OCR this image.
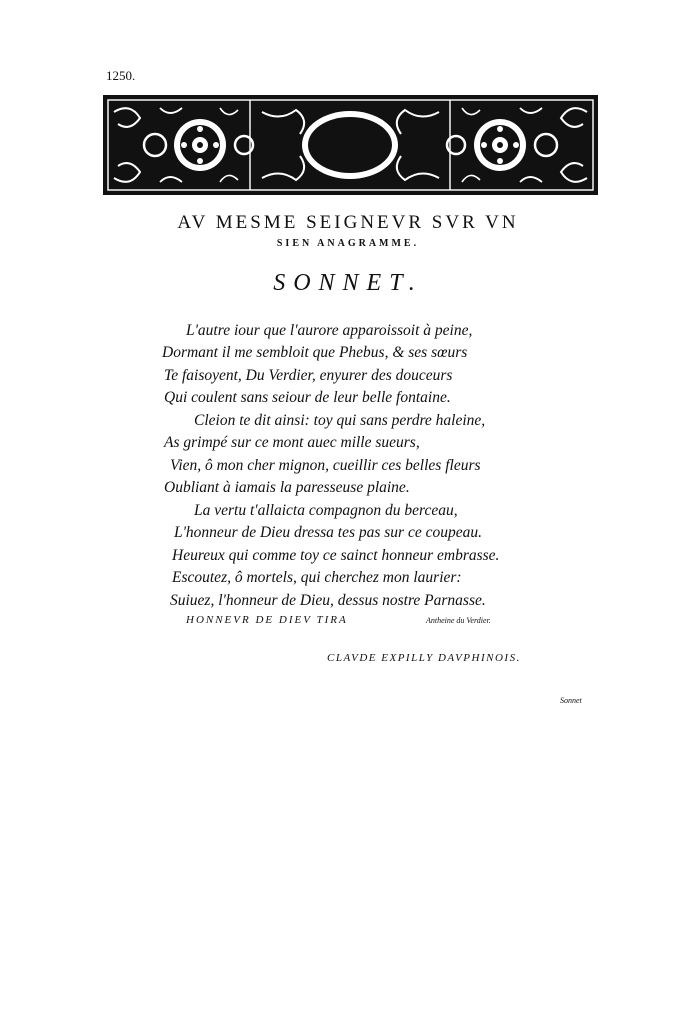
1250.
AV MESME SEIGNEVR SVR VN
SIEN ANAGRAMME.
SONNET.
L'autre iour que l'aurore apparoissoit à peine,
Dormant il me sembloit que Phebus, & ses sœurs
Te faisoyent, Du Verdier, enyurer des douceurs
Qui coulent sans seiour de leur belle fontaine.
Cleion te dit ainsi: toy qui sans perdre haleine,
As grimpé sur ce mont auec mille sueurs,
Vien, ô mon cher mignon, cueillir ces belles fleurs
Oubliant à iamais la paresseuse plaine.
La vertu t'allaicta compagnon du berceau,
L'honneur de Dieu dressa tes pas sur ce coupeau.
Heureux qui comme toy ce sainct honneur embrasse.
Escoutez, ô mortels, qui cherchez mon laurier:
Suiuez, l'honneur de Dieu, dessus nostre Parnasse.
HONNEVR DE DIEV TIRA	Antheine du Verdier.
CLAVDE EXPILLY DAVPHINOIS.
Sonnet
